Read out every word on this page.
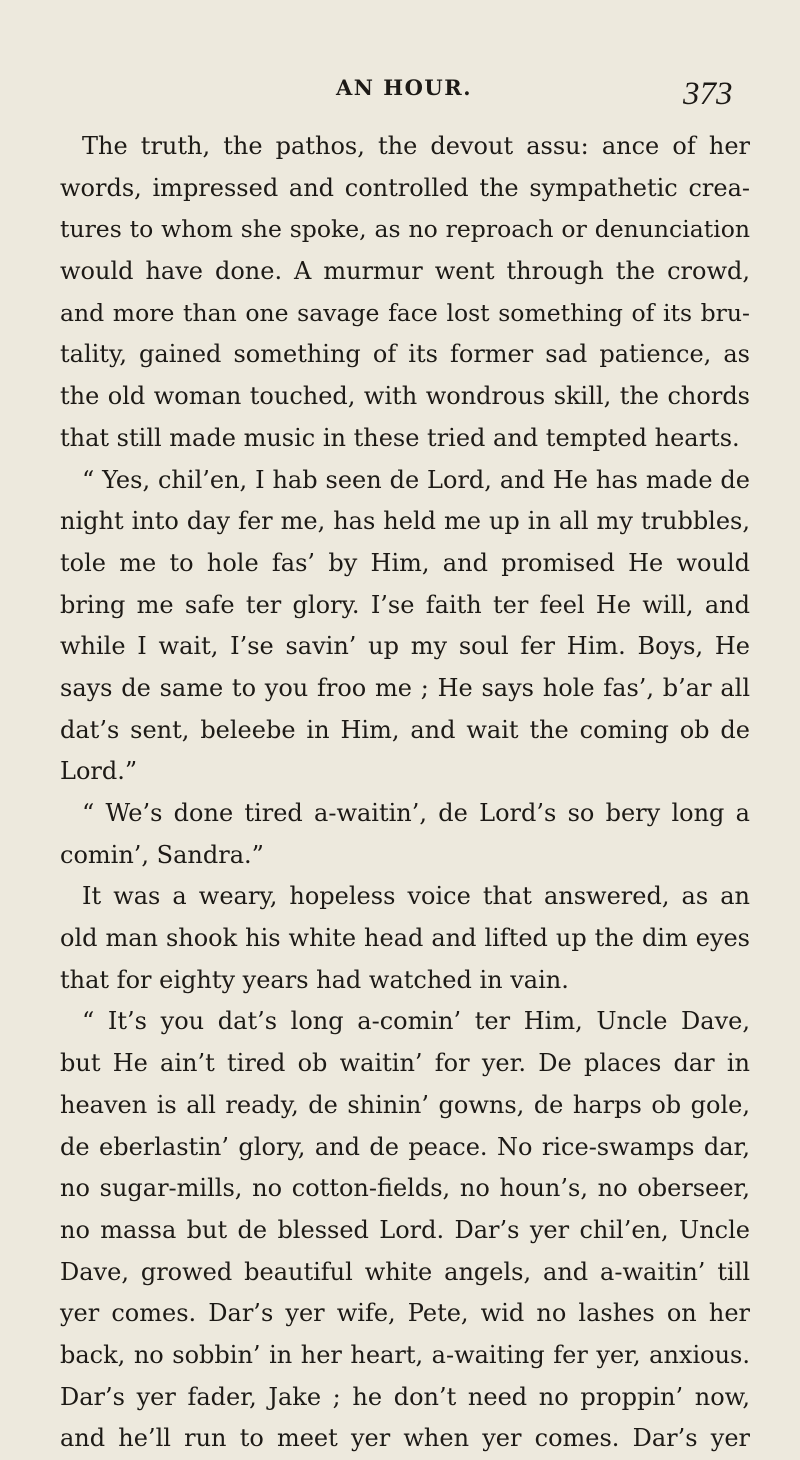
AN HOUR.	373
The truth, the pathos, the devout assu: ance of her
words, impressed and controlled the sympathetic crea-
tures to whom she spoke, as no reproach or denunciation
would have done. A murmur went through the crowd,
and more than one savage face lost something of its bru-
tality, gained something of its former sad patience, as
the old woman touched, with wondrous skill, the chords
that still made music in these tried and tempted hearts.
“ Yes, chil’en, I hab seen de Lord, and He has made de
night into day fer me, has held me up in all my trubbles,
tole me to hole fas’ by Him, and promised He would
bring me safe ter glory. I’se faith ter feel He will, and
while I wait, I’se savin’ up my soul fer Him. Boys, He
says de same to you froo me ; He says hole fas’, b’ar all
dat’s sent, beleebe in Him, and wait the coming ob de
Lord.”
“ We’s done tired a-waitin’, de Lord’s so bery long a
comin’, Sandra.”
It was a weary, hopeless voice that answered, as an
old man shook his white head and lifted up the dim eyes
that for eighty years had watched in vain.
“ It’s you dat’s long a-comin’ ter Him, Uncle Dave,
but He ain’t tired ob waitin’ for yer. De places dar in
heaven is all ready, de shinin’ gowns, de harps ob gole,
de eberlastin’ glory, and de peace. No rice-swamps dar,
no sugar-mills, no cotton-fields, no houn’s, no oberseer,
no massa but de blessed Lord. Dar’s yer chil’en, Uncle
Dave, growed beautiful white angels, and a-waitin’ till
yer comes. Dar’s yer wife, Pete, wid no lashes on her
back, no sobbin’ in her heart, a-waiting fer yer, anxious.
Dar’s yer fader, Jake ; he don’t need no proppin’ now,
and he’ll run to meet yer when yer comes. Dar’s yer
